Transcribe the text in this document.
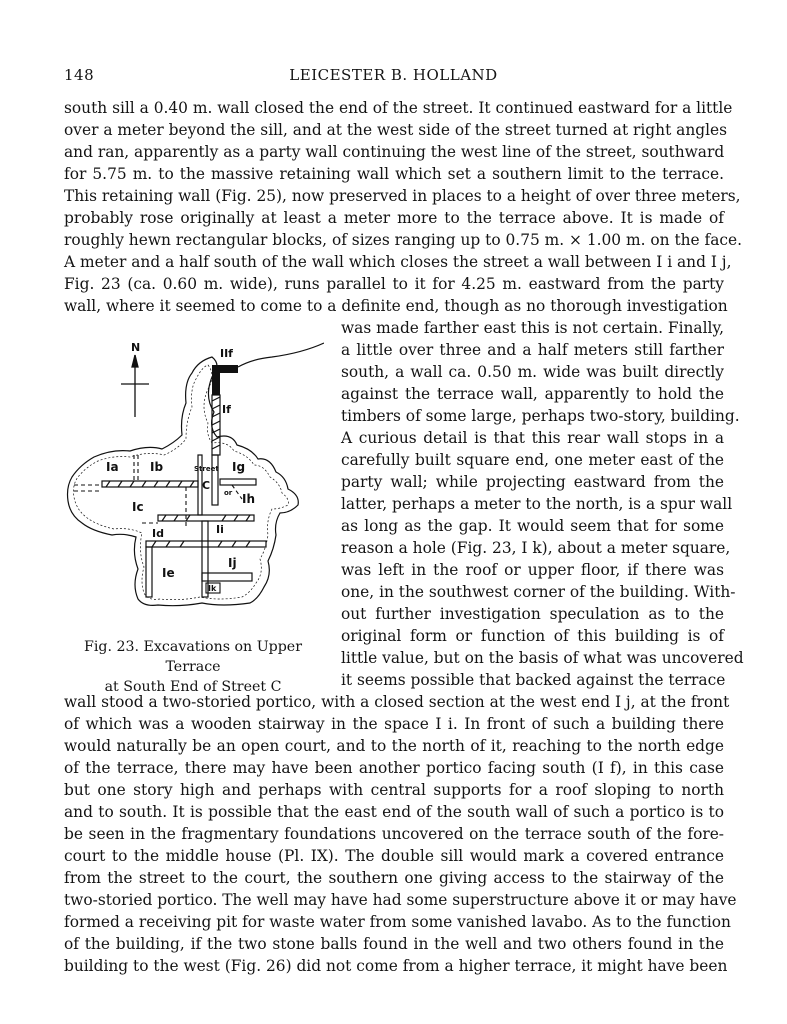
148	LEICESTER B. HOLLAND
south sill a 0.40 m. wall closed the end of the street. It continued eastward for a little
over a meter beyond the sill, and at the west side of the street turned at right angles
and ran, apparently as a party wall continuing the west line of the street, southward
for 5.75 m. to the massive retaining wall which set a southern limit to the terrace.
This retaining wall (Fig. 25), now preserved in places to a height of over three meters,
probably rose originally at least a meter more to the terrace above. It is made of
roughly hewn rectangular blocks, of sizes ranging up to 0.75 m. × 1.00 m. on the face.
A meter and a half south of the wall which closes the street a wall between I i and I j,
Fig. 23 (ca. 0.60 m. wide), runs parallel to it for 4.25 m. eastward from the party
wall, where it seemed to come to a definite end, though as no thorough investigation
was made farther east this is not certain. Finally,
a little over three and a half meters still farther
south, a wall ca. 0.50 m. wide was built directly
against the terrace wall, apparently to hold the
timbers of some large, perhaps two-story, building.
A curious detail is that this rear wall stops in a
carefully built square end, one meter east of the
party wall; while projecting eastward from the
latter, perhaps a meter to the north, is a spur wall
as long as the gap. It would seem that for some
reason a hole (Fig. 23, I k), about a meter square,
was left in the roof or upper floor, if there was
one, in the southwest corner of the building. With-
out further investigation speculation as to the
original form or function of this building is of
little value, but on the basis of what was uncovered
it seems possible that backed against the terrace
wall stood a two-storied portico, with a closed section at the west end I j, at the front
of which was a wooden stairway in the space I i. In front of such a building there
would naturally be an open court, and to the north of it, reaching to the north edge
of the terrace, there may have been another portico facing south (I f), in this case
but one story high and perhaps with central supports for a roof sloping to north
and to south. It is possible that the east end of the south wall of such a portico is to
be seen in the fragmentary foundations uncovered on the terrace south of the fore-
court to the middle house (Pl. IX). The double sill would mark a covered entrance
from the street to the court, the southern one giving access to the stairway of the
two-storied portico. The well may have had some superstructure above it or may have
formed a receiving pit for waste water from some vanished lavabo. As to the function
of the building, if the two stone balls found in the well and two others found in the
building to the west (Fig. 26) did not come from a higher terrace, it might have been
N	IIf
If
Ia	Ib	Street
C
Ig
or Ih
Ic
Id	Ii
Ie
Ij
Ik
Fig. 23. Excavations on Upper Terrace
at South End of Street C
